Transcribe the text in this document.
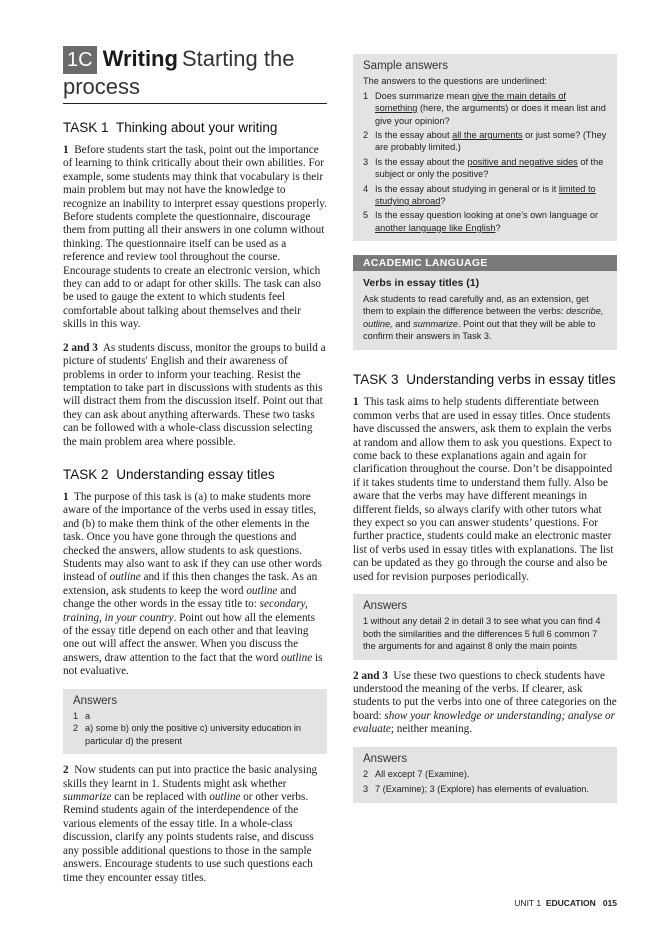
1C Writing Starting the
process
TASK 1 Thinking about your writing

1 Before students start the task, point out the importance of learning to think critically about their own abilities. For example, some students may think that vocabulary is their main problem but may not have the knowledge to recognize an inability to interpret essay questions properly. Before students complete the questionnaire, discourage them from putting all their answers in one column without thinking. The questionnaire itself can be used as a reference and review tool throughout the course. Encourage students to create an electronic version, which they can add to or adapt for other skills. The task can also be used to gauge the extent to which students feel comfortable about talking about themselves and their skills in this way.

2 and 3 As students discuss, monitor the groups to build a picture of students' English and their awareness of problems in order to inform your teaching. Resist the temptation to take part in discussions with students as this will distract them from the discussion itself. Point out that they can ask about anything afterwards. These two tasks can be followed with a whole-class discussion selecting the main problem area where possible.

TASK 2 Understanding essay titles

1 The purpose of this task is (a) to make students more aware of the importance of the verbs used in essay titles, and (b) to make them think of the other elements in the task. Once you have gone through the questions and checked the answers, allow students to ask questions. Students may also want to ask if they can use other words instead of outline and if this then changes the task. As an extension, ask students to keep the word outline and change the other words in the essay title to: secondary, training, in your country. Point out how all the elements of the essay title depend on each other and that leaving one out will affect the answer. When you discuss the answers, draw attention to the fact that the word outline is not evaluative.

Answers
1 a
2 a) some b) only the positive c) university education in particular d) the present

2 Now students can put into practice the basic analysing skills they learnt in 1. Students might ask whether summarize can be replaced with outline or other verbs. Remind students again of the interdependence of the various elements of the essay title. In a whole-class discussion, clarify any points students raise, and discuss any possible additional questions to those in the sample answers. Encourage students to use such questions each time they encounter essay titles.

Sample answers
The answers to the questions are underlined:
1 Does summarize mean give the main details of something (here, the arguments) or does it mean list and give your opinion?
2 Is the essay about all the arguments or just some? (They are probably limited.)
3 Is the essay about the positive and negative sides of the subject or only the positive?
4 Is the essay about studying in general or is it limited to studying abroad?
5 Is the essay question looking at one’s own language or another language like English?
ACADEMIC LANGUAGE
Verbs in essay titles (1)
Ask students to read carefully and, as an extension, get them to explain the difference between the verbs: describe, outline, and summarize. Point out that they will be able to confirm their answers in Task 3.
TASK 3 Understanding verbs in essay titles

1 This task aims to help students differentiate between common verbs that are used in essay titles. Once students have discussed the answers, ask them to explain the verbs at random and allow them to ask you questions. Expect to come back to these explanations again and again for clarification throughout the course. Don’t be disappointed if it takes students time to understand them fully. Also be aware that the verbs may have different meanings in different fields, so always clarify with other tutors what they expect so you can answer students’ questions. For further practice, students could make an electronic master list of verbs used in essay titles with explanations. The list can be updated as they go through the course and also be used for revision purposes periodically.

Answers
1 without any detail 2 in detail 3 to see what you can find 4 both the similarities and the differences 5 full 6 common 7 the arguments for and against 8 only the main points

2 and 3 Use these two questions to check students have understood the meaning of the verbs. If clearer, ask students to put the verbs into one of three categories on the board: show your knowledge or understanding; analyse or evaluate; neither meaning.

Answers
2 All except 7 (Examine).
3 7 (Examine); 3 (Explore) has elements of evaluation.
UNIT 1 EDUCATION 015
